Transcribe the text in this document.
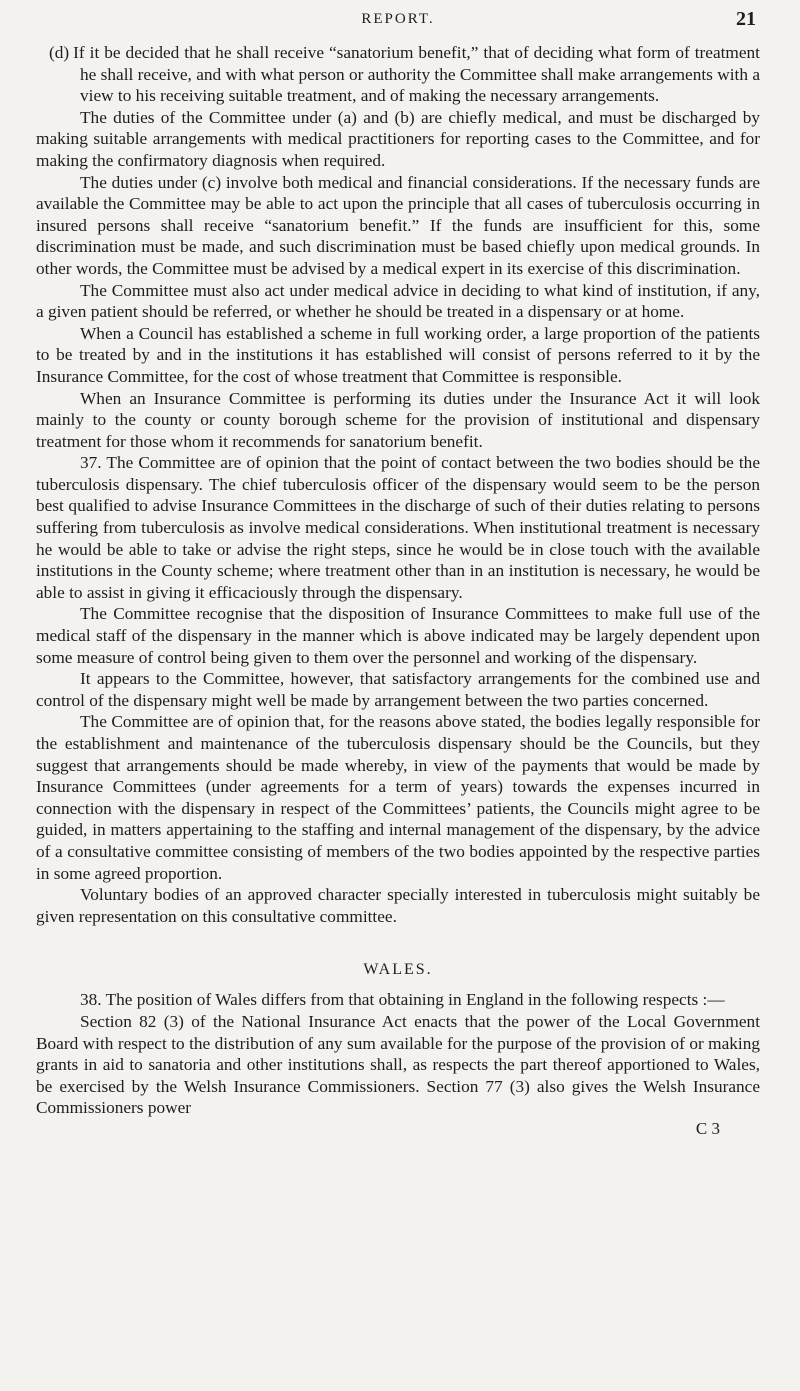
REPORT.	21

(d) If it be decided that he shall receive “sanatorium benefit,” that of deciding what form of treatment he shall receive, and with what person or authority the Committee shall make arrangements with a view to his receiving suitable treatment, and of making the necessary arrangements.

The duties of the Committee under (a) and (b) are chiefly medical, and must be discharged by making suitable arrangements with medical practitioners for reporting cases to the Committee, and for making the confirmatory diagnosis when required.

The duties under (c) involve both medical and financial considerations. If the necessary funds are available the Committee may be able to act upon the principle that all cases of tuberculosis occurring in insured persons shall receive “sanatorium benefit.” If the funds are insufficient for this, some discrimination must be made, and such discrimination must be based chiefly upon medical grounds. In other words, the Committee must be advised by a medical expert in its exercise of this discrimination.

The Committee must also act under medical advice in deciding to what kind of institution, if any, a given patient should be referred, or whether he should be treated in a dispensary or at home.

When a Council has established a scheme in full working order, a large proportion of the patients to be treated by and in the institutions it has established will consist of persons referred to it by the Insurance Committee, for the cost of whose treatment that Committee is responsible.

When an Insurance Committee is performing its duties under the Insurance Act it will look mainly to the county or county borough scheme for the provision of institutional and dispensary treatment for those whom it recommends for sanatorium benefit.

37. The Committee are of opinion that the point of contact between the two bodies should be the tuberculosis dispensary. The chief tuberculosis officer of the dispensary would seem to be the person best qualified to advise Insurance Committees in the discharge of such of their duties relating to persons suffering from tuberculosis as involve medical considerations. When institutional treatment is necessary he would be able to take or advise the right steps, since he would be in close touch with the available institutions in the County scheme; where treatment other than in an institution is necessary, he would be able to assist in giving it efficaciously through the dispensary.

The Committee recognise that the disposition of Insurance Committees to make full use of the medical staff of the dispensary in the manner which is above indicated may be largely dependent upon some measure of control being given to them over the personnel and working of the dispensary.

It appears to the Committee, however, that satisfactory arrangements for the combined use and control of the dispensary might well be made by arrangement between the two parties concerned.

The Committee are of opinion that, for the reasons above stated, the bodies legally responsible for the establishment and maintenance of the tuberculosis dispensary should be the Councils, but they suggest that arrangements should be made whereby, in view of the payments that would be made by Insurance Committees (under agreements for a term of years) towards the expenses incurred in connection with the dispensary in respect of the Committees’ patients, the Councils might agree to be guided, in matters appertaining to the staffing and internal management of the dispensary, by the advice of a consultative committee consisting of members of the two bodies appointed by the respective parties in some agreed proportion.

Voluntary bodies of an approved character specially interested in tuberculosis might suitably be given representation on this consultative committee.

WALES.

38. The position of Wales differs from that obtaining in England in the following respects :—

Section 82 (3) of the National Insurance Act enacts that the power of the Local Government Board with respect to the distribution of any sum available for the purpose of the provision of or making grants in aid to sanatoria and other institutions shall, as respects the part thereof apportioned to Wales, be exercised by the Welsh Insurance Commissioners. Section 77 (3) also gives the Welsh Insurance Commissioners power

C 3
